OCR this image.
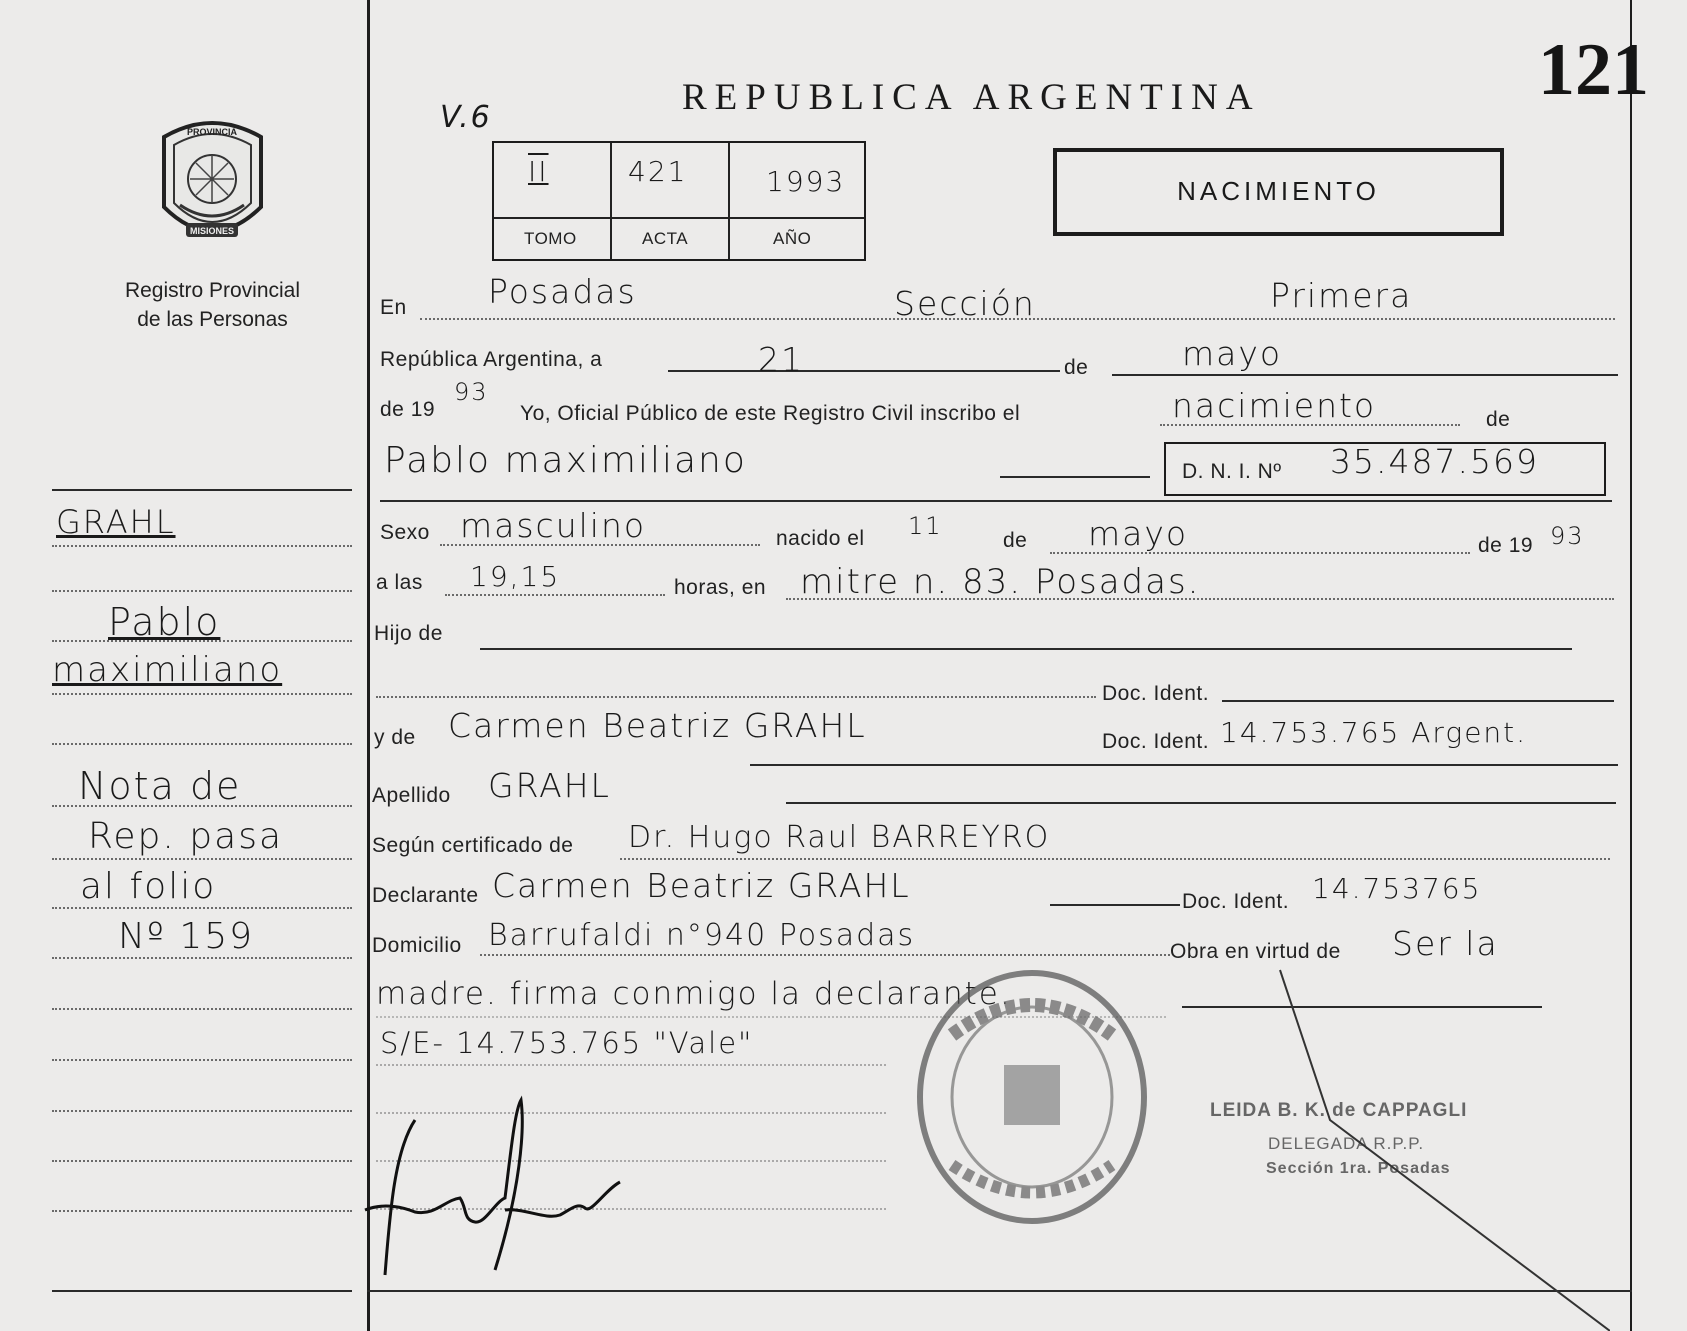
121
V.6	REPUBLICA ARGENTINA
MISIONES
PROVINCIA
Registro Provincial
de las Personas
II	421	1993
TOMO	ACTA	AÑO
NACIMIENTO
GRAHL
Pablo
maximiliano
Nota de
Rep. pasa
al folio
Nº 159
En Posadas	Sección	Primera
República Argentina, a	21	de	mayo
de 19
93
Yo, Oficial Público de este Registro Civil inscribo el	nacimiento	de
Pablo maximiliano	D. N. I. Nº 35.487.569
Sexo masculino	nacido el 11
de mayo	de 19 93
a las 19,15	horas, en mitre n. 83. Posadas.
Hijo de
Doc. Ident.
y de Carmen Beatriz GRAHL	Doc. Ident. 14.753.765 Argent.
Apellido GRAHL
Según certificado de Dr. Hugo Raul BARREYRO
Declarante Carmen Beatriz GRAHL	Doc. Ident. 14.753765
Domicilio Barrufaldi n°940 Posadas	Obra en virtud de Ser la
madre. firma conmigo la declarante.
S/E- 14.753.765 "Vale"
LEIDA B. K. de CAPPAGLI
DELEGADA R.P.P.
Sección 1ra. Posadas
